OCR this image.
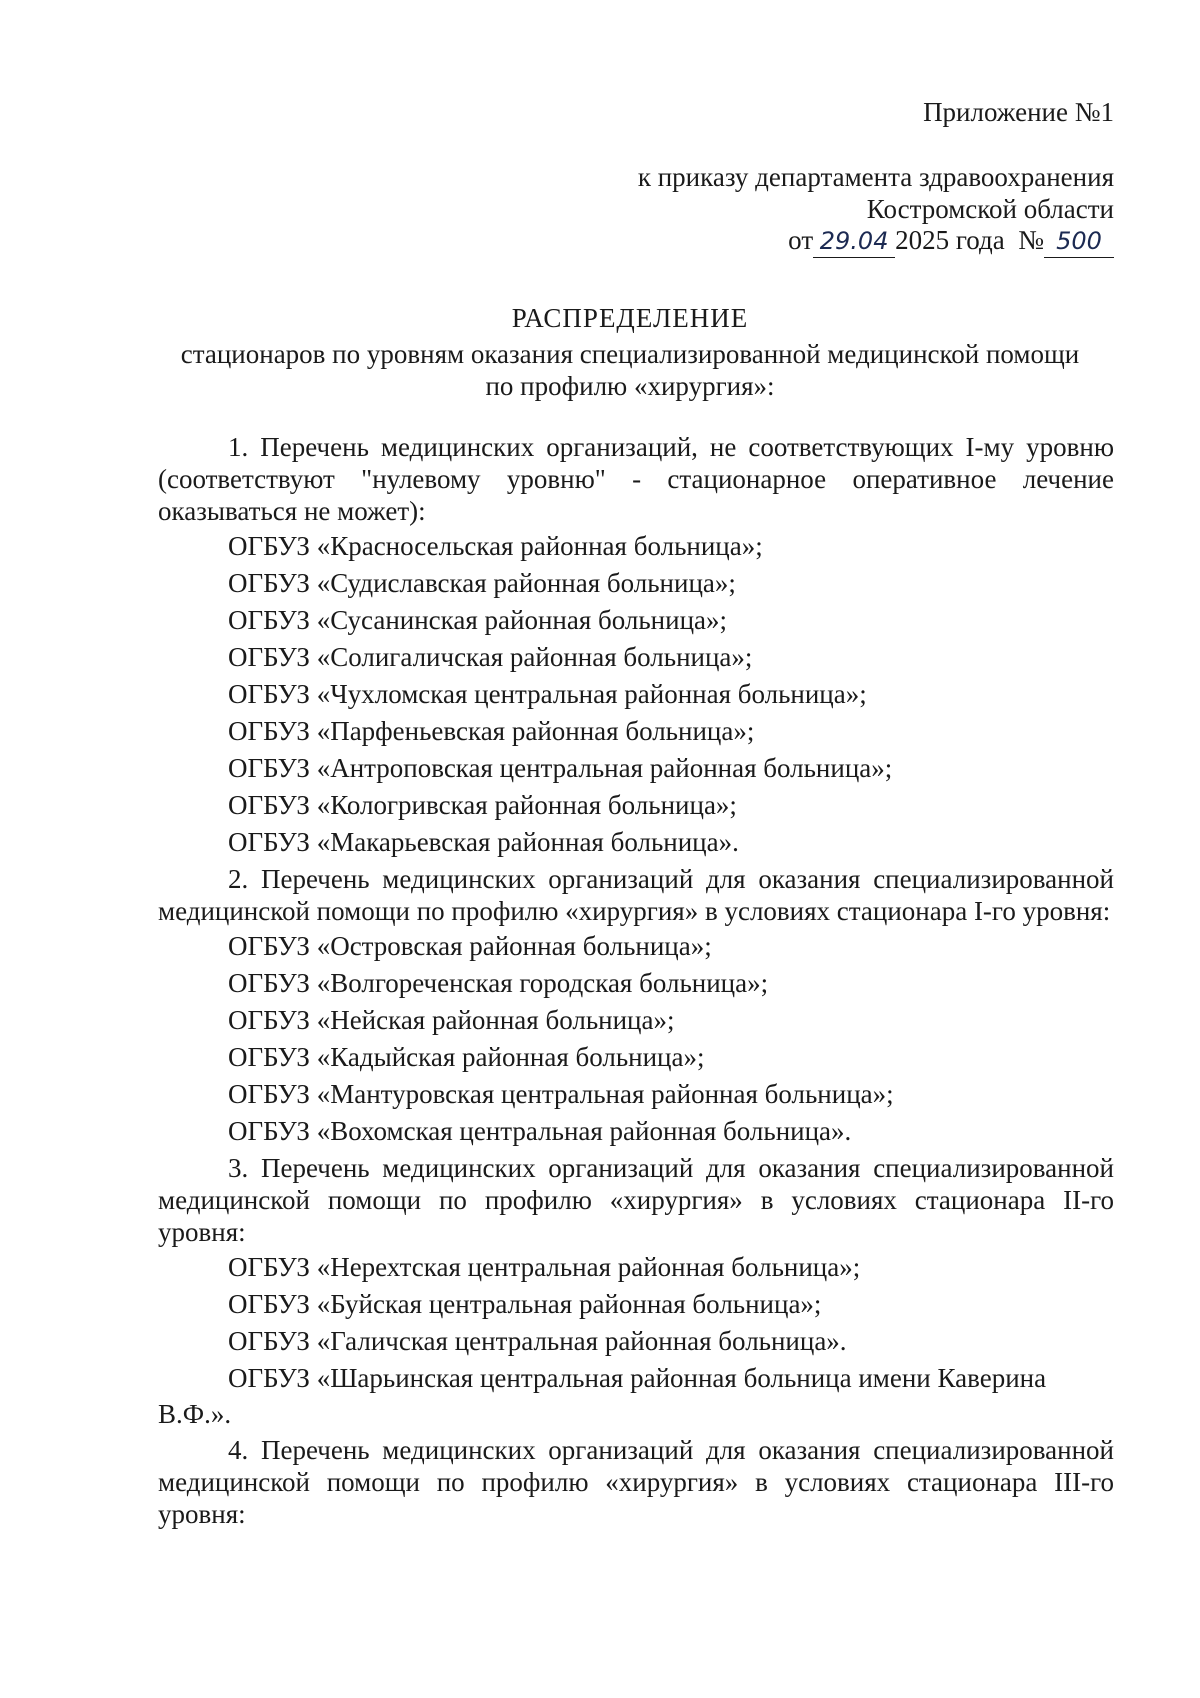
Приложение №1
к приказу департамента здравоохранения
Костромской области
от 29.04 2025 года № 500
РАСПРЕДЕЛЕНИЕ
стационаров по уровням оказания специализированной медицинской помощи
по профилю «хирургия»:

1. Перечень медицинских организаций, не соответствующих I-му уровню (соответствуют "нулевому уровню" - стационарное оперативное лечение оказываться не может):

ОГБУЗ «Красносельская районная больница»;
ОГБУЗ «Судиславская районная больница»;
ОГБУЗ «Сусанинская районная больница»;
ОГБУЗ «Солигаличская районная больница»;
ОГБУЗ «Чухломская центральная районная больница»;
ОГБУЗ «Парфеньевская районная больница»;
ОГБУЗ «Антроповская центральная районная больница»;
ОГБУЗ «Кологривская районная больница»;
ОГБУЗ «Макарьевская районная больница».

2. Перечень медицинских организаций для оказания специализированной медицинской помощи по профилю «хирургия» в условиях стационара I-го уровня:

ОГБУЗ «Островская районная больница»;
ОГБУЗ «Волгореченская городская больница»;
ОГБУЗ «Нейская районная больница»;
ОГБУЗ «Кадыйская районная больница»;
ОГБУЗ «Мантуровская центральная районная больница»;
ОГБУЗ «Вохомская центральная районная больница».

3. Перечень медицинских организаций для оказания специализированной медицинской помощи по профилю «хирургия» в условиях стационара II-го уровня:

ОГБУЗ «Нерехтская центральная районная больница»;
ОГБУЗ «Буйская центральная районная больница»;
ОГБУЗ «Галичская центральная районная больница».
ОГБУЗ «Шарьинская центральная районная больница имени Каверина В.Ф.».

4. Перечень медицинских организаций для оказания специализированной медицинской помощи по профилю «хирургия» в условиях стационара III-го уровня:
